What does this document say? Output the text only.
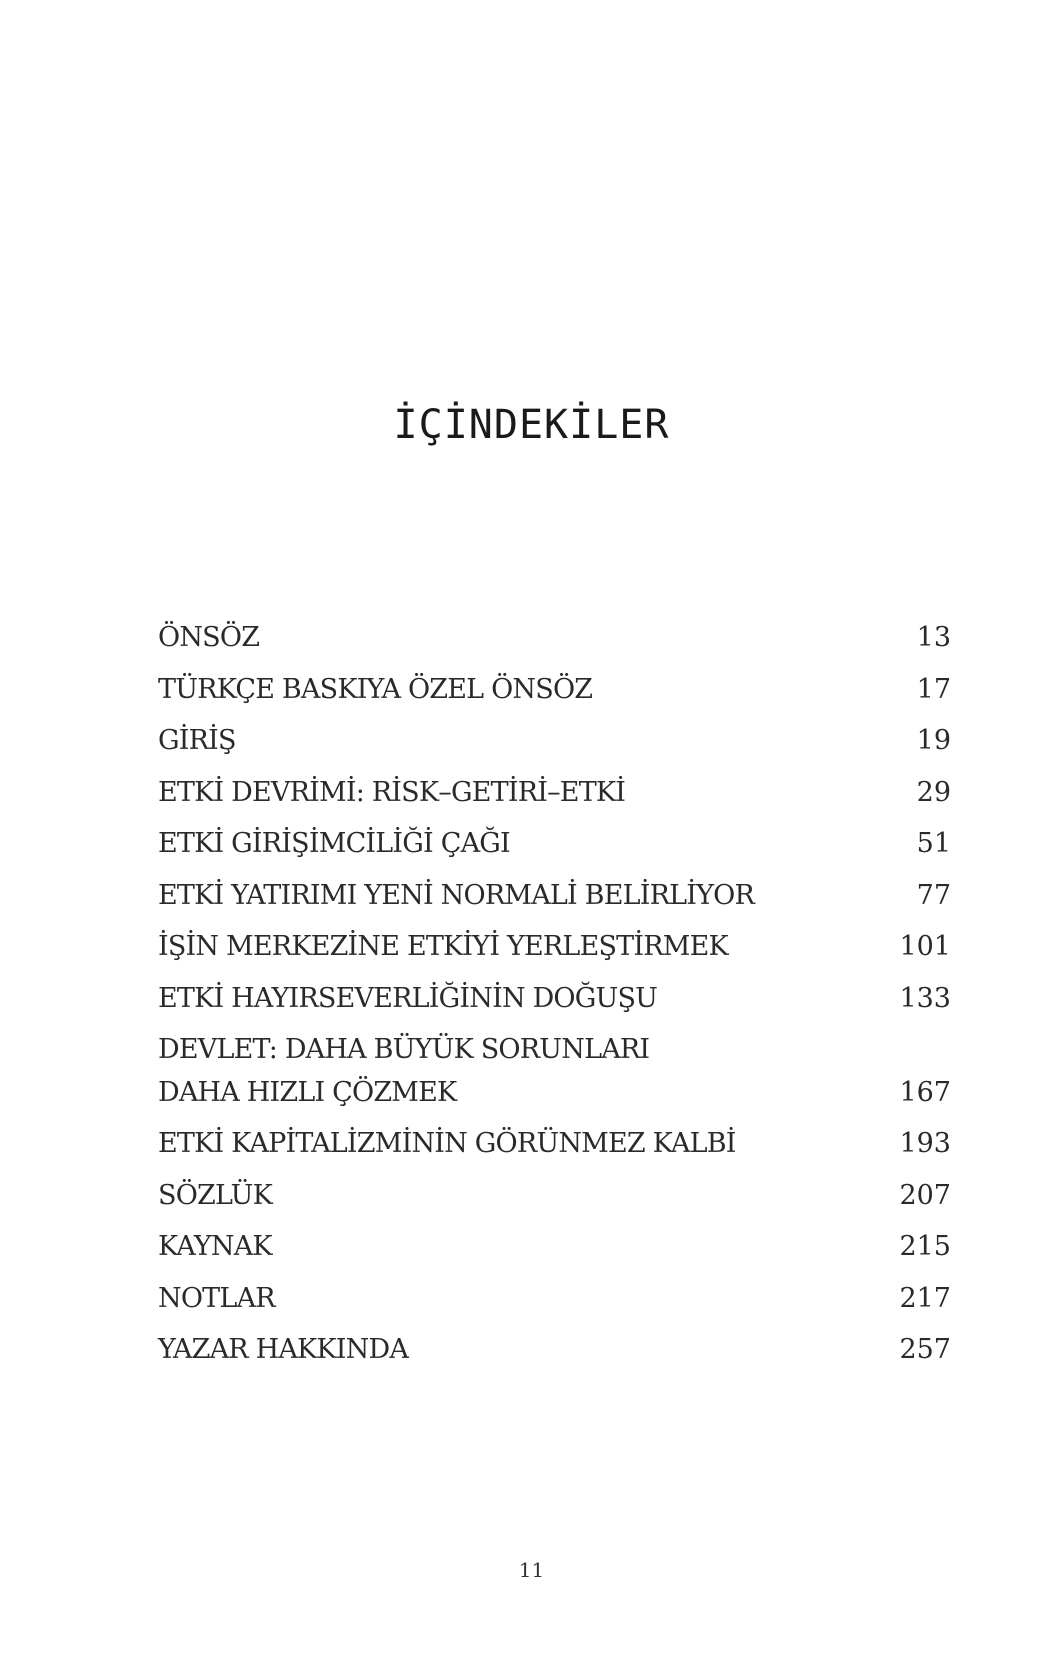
İÇİNDEKİLER
ÖNSÖZ	13
TÜRKÇE BASKIYA ÖZEL ÖNSÖZ	17
GİRİŞ	19
ETKİ DEVRİMİ: RİSK–GETİRİ–ETKİ	29
ETKİ GİRİŞİMCİLİĞİ ÇAĞI	51
ETKİ YATIRIMI YENİ NORMALİ BELİRLİYOR	77
İŞİN MERKEZİNE ETKİYİ YERLEŞTİRMEK	101
ETKİ HAYIRSEVERLİĞİNİN DOĞUŞU	133
DEVLET: DAHA BÜYÜK SORUNLARI
DAHA HIZLI ÇÖZMEK	167
ETKİ KAPİTALİZMİNİN GÖRÜNMEZ KALBİ	193
SÖZLÜK	207
KAYNAK	215
NOTLAR	217
YAZAR HAKKINDA	257

11
